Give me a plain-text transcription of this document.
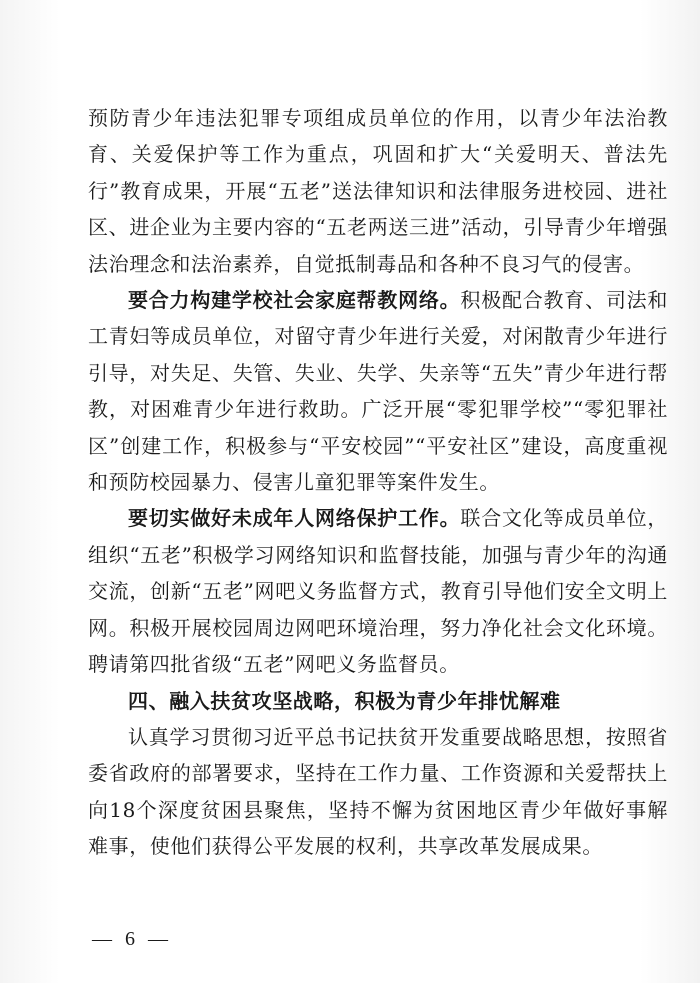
预防青少年违法犯罪专项组成员单位的作用，以青少年法治教育、关爱保护等工作为重点，巩固和扩大“关爱明天、普法先行”教育成果，开展“五老”送法律知识和法律服务进校园、进社区、进企业为主要内容的“五老两送三进”活动，引导青少年增强法治理念和法治素养，自觉抵制毒品和各种不良习气的侵害。

要合力构建学校社会家庭帮教网络。积极配合教育、司法和工青妇等成员单位，对留守青少年进行关爱，对闲散青少年进行引导，对失足、失管、失业、失学、失亲等“五失”青少年进行帮教，对困难青少年进行救助。广泛开展“零犯罪学校”“零犯罪社区”创建工作，积极参与“平安校园”“平安社区”建设，高度重视和预防校园暴力、侵害儿童犯罪等案件发生。

要切实做好未成年人网络保护工作。联合文化等成员单位，组织“五老”积极学习网络知识和监督技能，加强与青少年的沟通交流，创新“五老”网吧义务监督方式，教育引导他们安全文明上网。积极开展校园周边网吧环境治理，努力净化社会文化环境。聘请第四批省级“五老”网吧义务监督员。

四、融入扶贫攻坚战略，积极为青少年排忧解难

认真学习贯彻习近平总书记扶贫开发重要战略思想，按照省委省政府的部署要求，坚持在工作力量、工作资源和关爱帮扶上向18个深度贫困县聚焦，坚持不懈为贫困地区青少年做好事解难事，使他们获得公平发展的权利，共享改革发展成果。

— 6 —
